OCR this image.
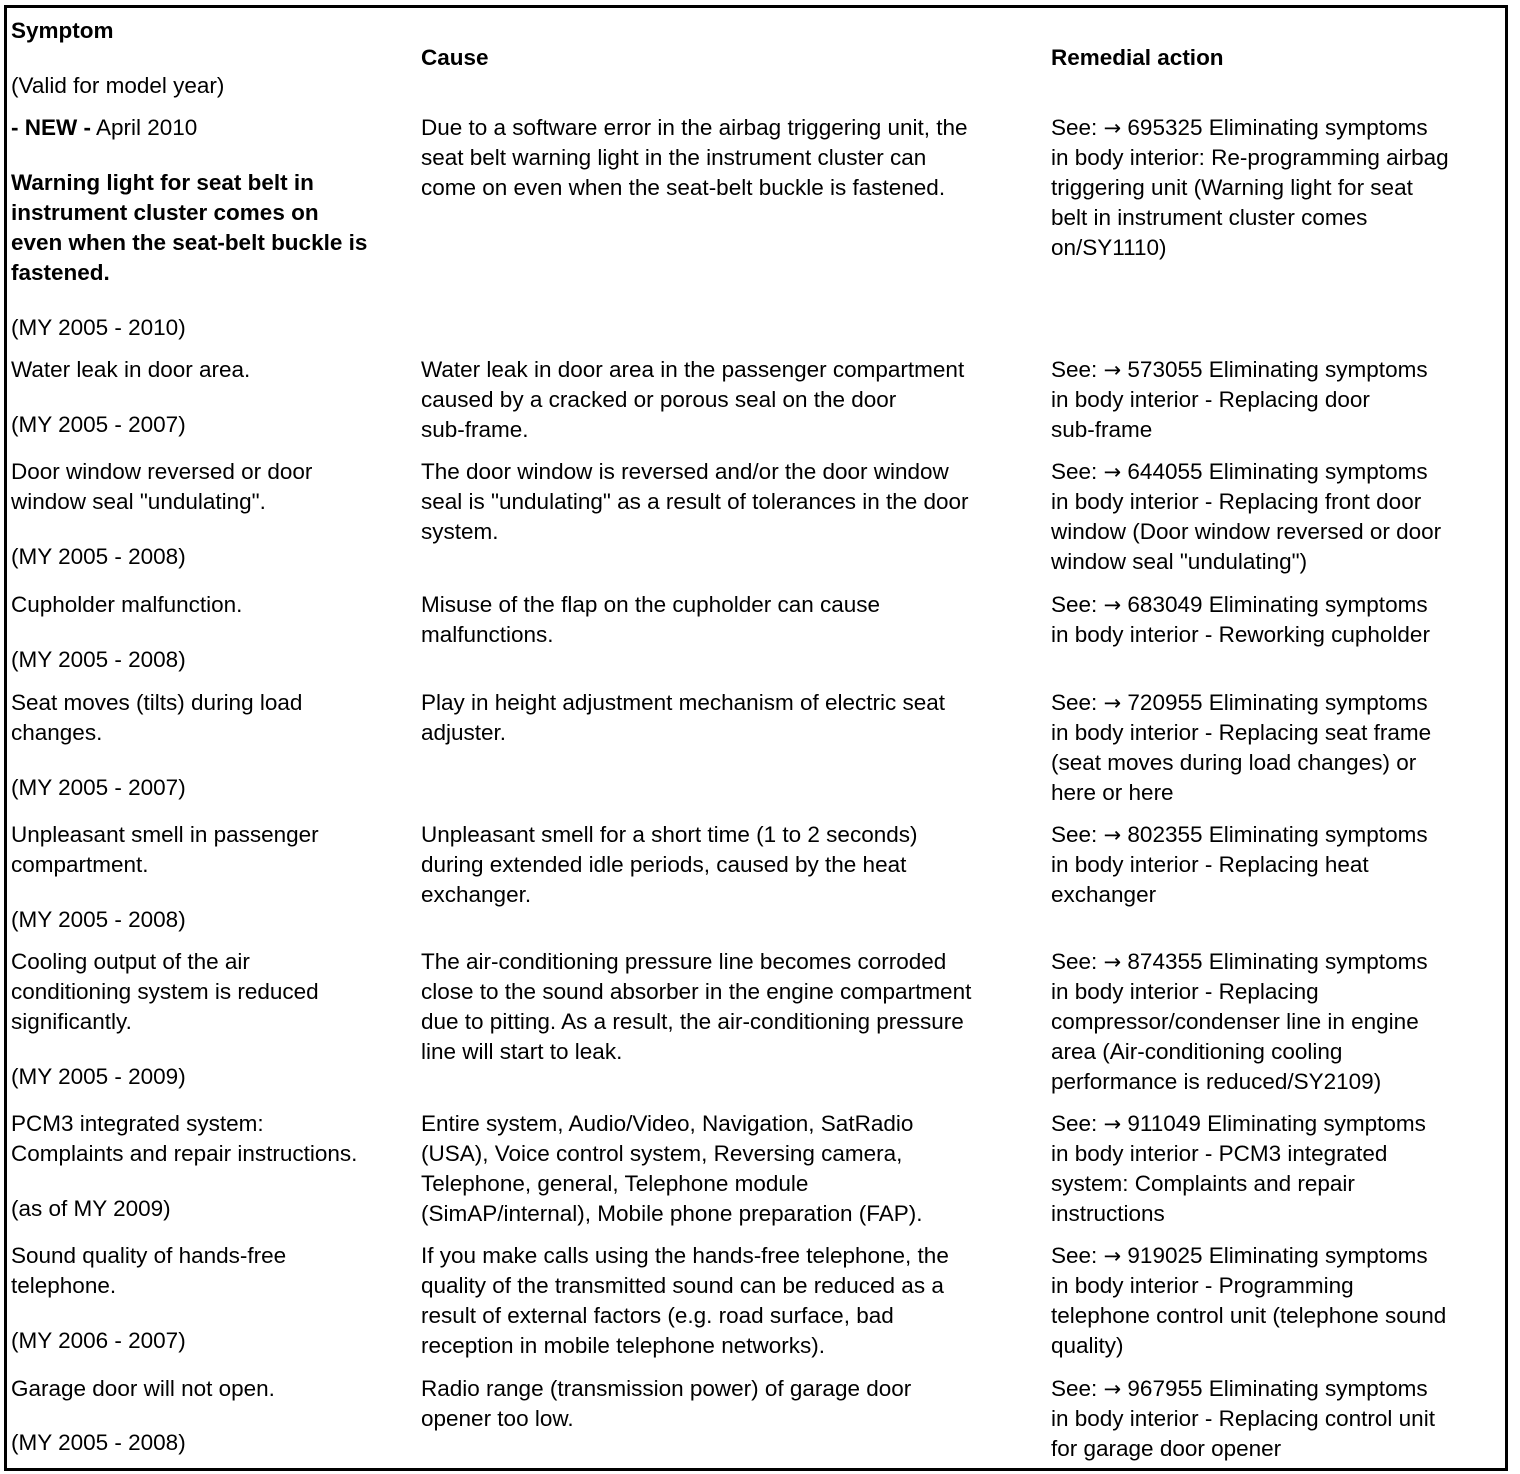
Symptom

(Valid for model year)

Cause	Remedial action

- NEW - April 2010

Warning light for seat belt in

instrument cluster comes on

even when the seat-belt buckle is

fastened.

(MY 2005 - 2010)

Due to a software error in the airbag triggering unit, the

seat belt warning light in the instrument cluster can

come on even when the seat-belt buckle is fastened.

See: → 695325 Eliminating symptoms

in body interior: Re-programming airbag

triggering unit (Warning light for seat

belt in instrument cluster comes

on/SY1110)

Water leak in door area.

(MY 2005 - 2007)

Water leak in door area in the passenger compartment

caused by a cracked or porous seal on the door

sub-frame.

See: → 573055 Eliminating symptoms

in body interior - Replacing door

sub-frame

Door window reversed or door

window seal "undulating".

(MY 2005 - 2008)

The door window is reversed and/or the door window

seal is "undulating" as a result of tolerances in the door

system.

See: → 644055 Eliminating symptoms

in body interior - Replacing front door

window (Door window reversed or door

window seal "undulating")

Cupholder malfunction.

(MY 2005 - 2008)

Misuse of the flap on the cupholder can cause

malfunctions.

See: → 683049 Eliminating symptoms

in body interior - Reworking cupholder

Seat moves (tilts) during load

changes.

(MY 2005 - 2007)

Play in height adjustment mechanism of electric seat

adjuster.

See: → 720955 Eliminating symptoms

in body interior - Replacing seat frame

(seat moves during load changes) or

here or here

Unpleasant smell in passenger

compartment.

(MY 2005 - 2008)

Unpleasant smell for a short time (1 to 2 seconds)

during extended idle periods, caused by the heat

exchanger.

See: → 802355 Eliminating symptoms

in body interior - Replacing heat

exchanger

Cooling output of the air

conditioning system is reduced

significantly.

(MY 2005 - 2009)

The air-conditioning pressure line becomes corroded

close to the sound absorber in the engine compartment

due to pitting. As a result, the air-conditioning pressure

line will start to leak.

See: → 874355 Eliminating symptoms

in body interior - Replacing

compressor/condenser line in engine

area (Air-conditioning cooling

performance is reduced/SY2109)

PCM3 integrated system:

Complaints and repair instructions.

(as of MY 2009)

Entire system, Audio/Video, Navigation, SatRadio

(USA), Voice control system, Reversing camera,

Telephone, general, Telephone module

(SimAP/internal), Mobile phone preparation (FAP).

See: → 911049 Eliminating symptoms

in body interior - PCM3 integrated

system: Complaints and repair

instructions

Sound quality of hands-free

telephone.

(MY 2006 - 2007)

If you make calls using the hands-free telephone, the

quality of the transmitted sound can be reduced as a

result of external factors (e.g. road surface, bad

reception in mobile telephone networks).

See: → 919025 Eliminating symptoms

in body interior - Programming

telephone control unit (telephone sound

quality)

Garage door will not open.

(MY 2005 - 2008)

Radio range (transmission power) of garage door

opener too low.

See: → 967955 Eliminating symptoms

in body interior - Replacing control unit

for garage door opener
